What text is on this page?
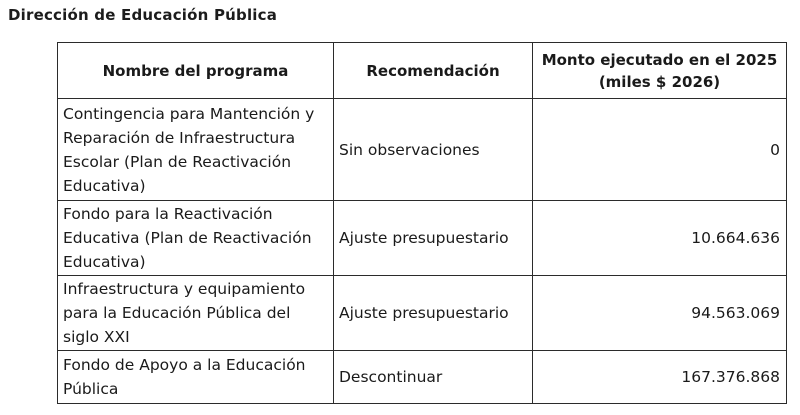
Dirección de Educación Pública
Nombre del programa	Recomendación	Monto ejecutado en el 2025 (miles $ 2026)
Contingencia para Mantención y Reparación de Infraestructura Escolar (Plan de Reactivación Educativa)	Sin observaciones	0
Fondo para la Reactivación Educativa (Plan de Reactivación Educativa)	Ajuste presupuestario	10.664.636
Infraestructura y equipamiento para la Educación Pública del siglo XXI	Ajuste presupuestario	94.563.069
Fondo de Apoyo a la Educación Pública	Descontinuar	167.376.868
